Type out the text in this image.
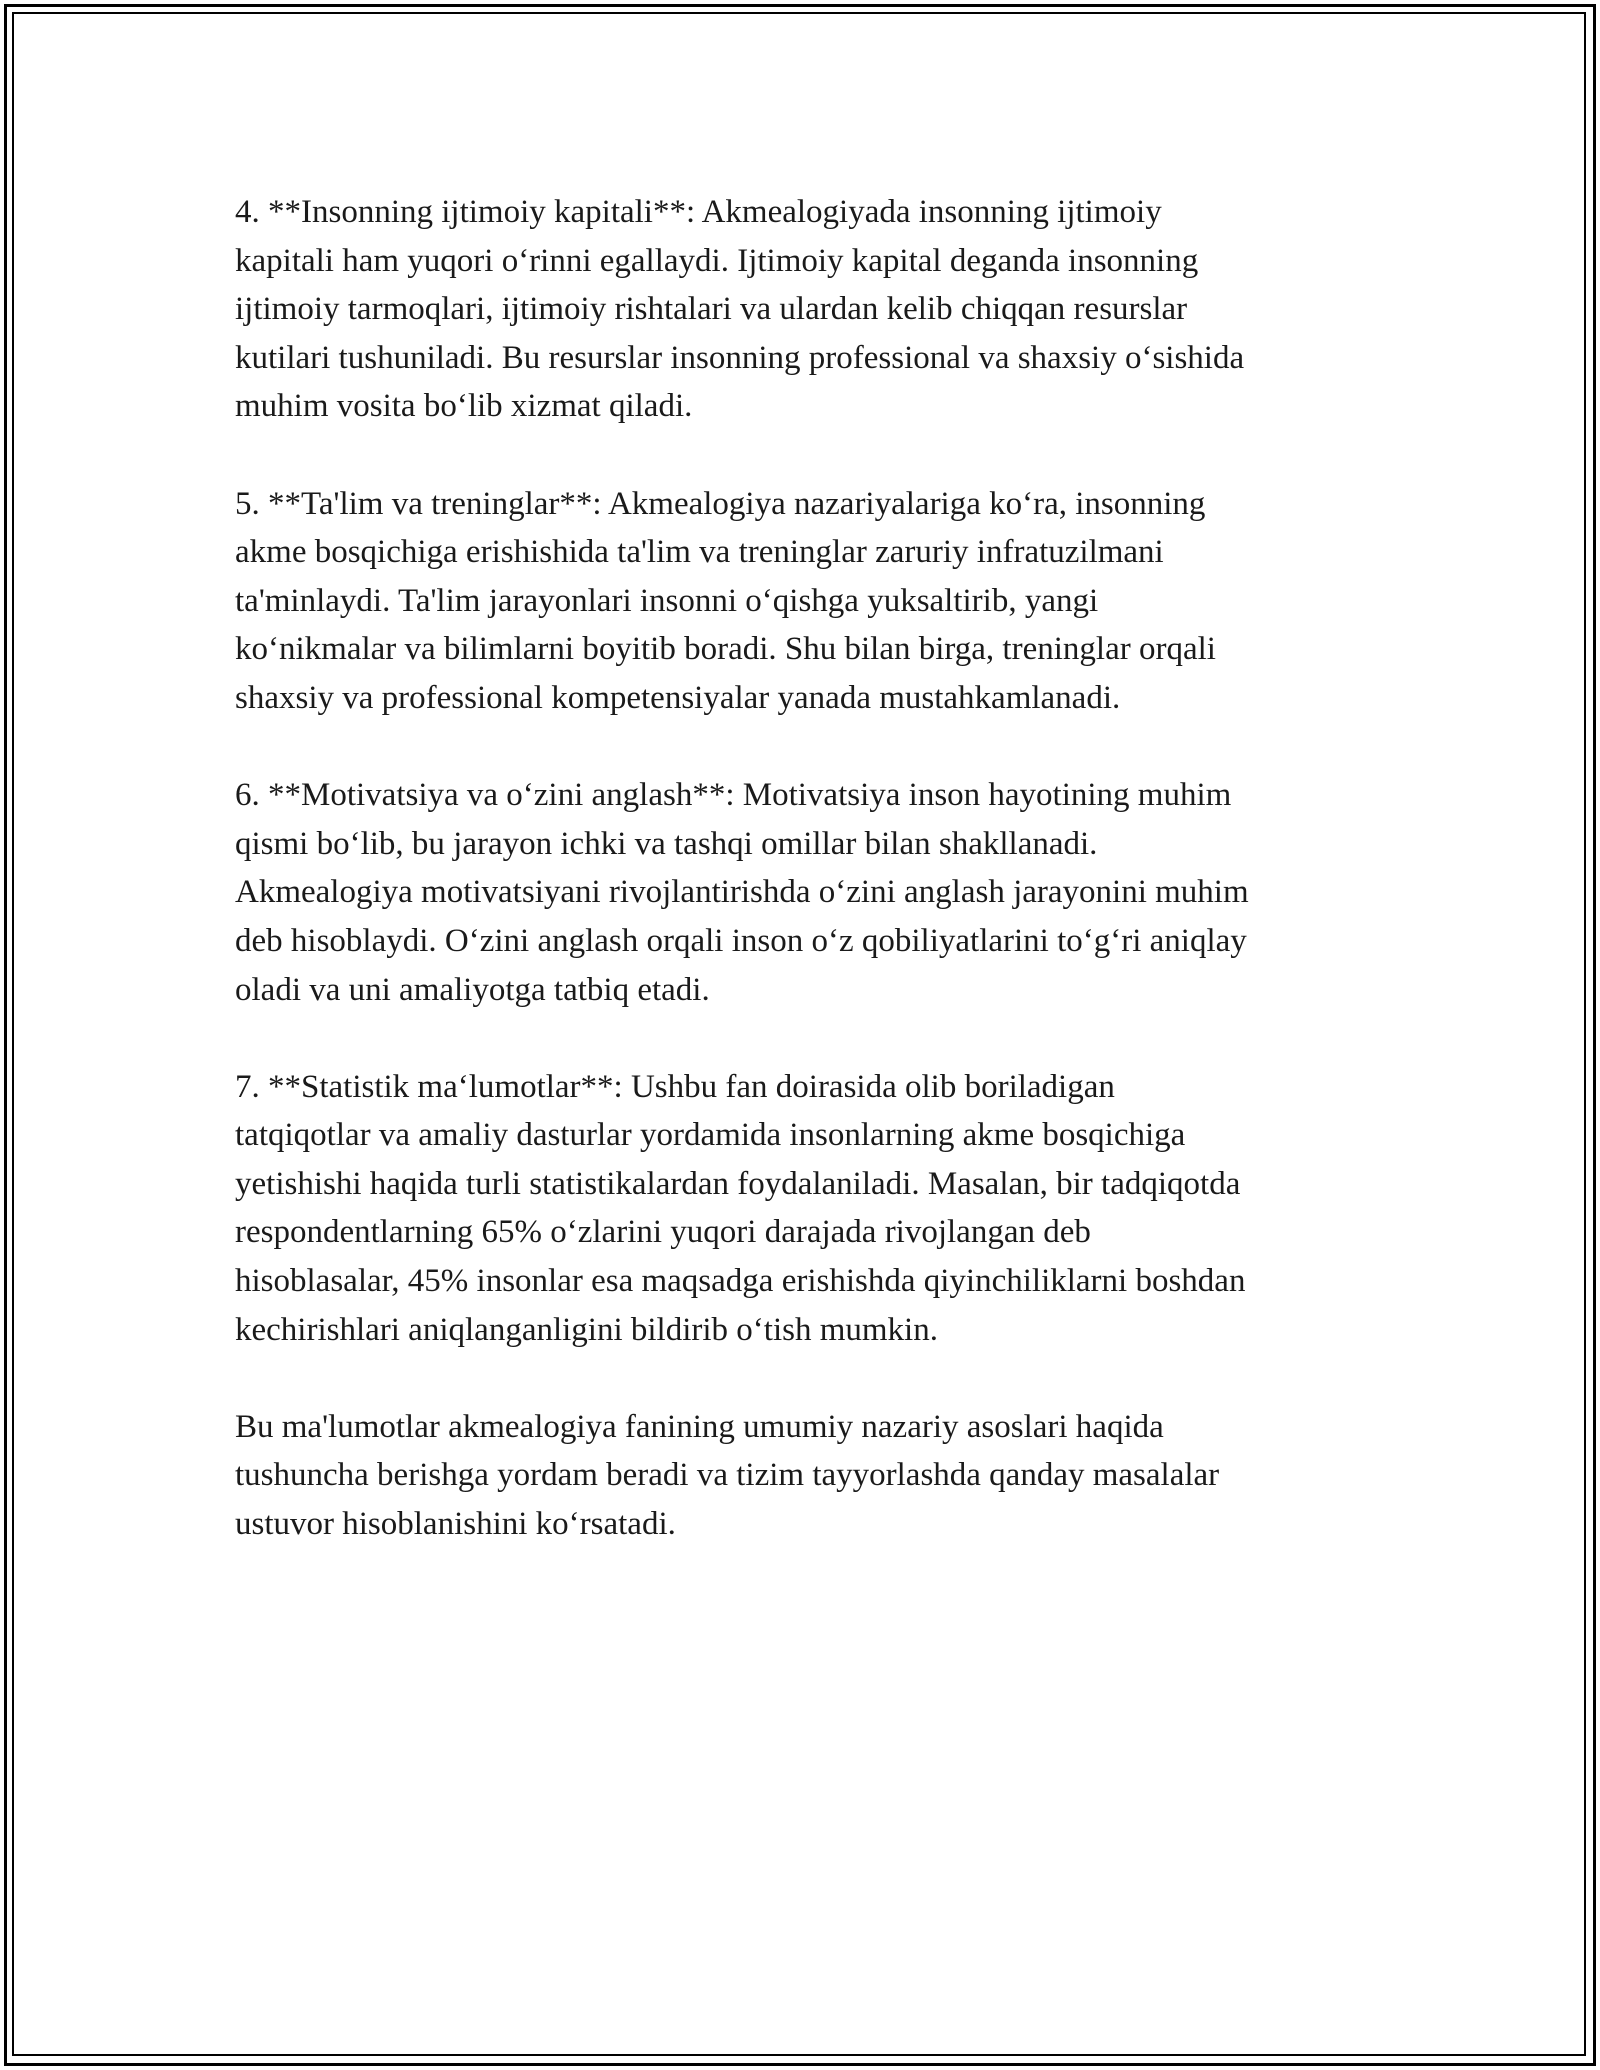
4. **Insonning ijtimoiy kapitali**: Akmealogiyada insonning ijtimoiy
kapitali ham yuqori oʻrinni egallaydi. Ijtimoiy kapital deganda insonning
ijtimoiy tarmoqlari, ijtimoiy rishtalari va ulardan kelib chiqqan resurslar
kutilari tushuniladi. Bu resurslar insonning professional va shaxsiy oʻsishida
muhim vosita boʻlib xizmat qiladi.

5. **Ta'lim va treninglar**: Akmealogiya nazariyalariga koʻra, insonning
akme bosqichiga erishishida ta'lim va treninglar zaruriy infratuzilmani
ta'minlaydi. Ta'lim jarayonlari insonni oʻqishga yuksaltirib, yangi
koʻnikmalar va bilimlarni boyitib boradi. Shu bilan birga, treninglar orqali
shaxsiy va professional kompetensiyalar yanada mustahkamlanadi.

6. **Motivatsiya va oʻzini anglash**: Motivatsiya inson hayotining muhim
qismi boʻlib, bu jarayon ichki va tashqi omillar bilan shakllanadi.
Akmealogiya motivatsiyani rivojlantirishda oʻzini anglash jarayonini muhim
deb hisoblaydi. Oʻzini anglash orqali inson oʻz qobiliyatlarini toʻgʻri aniqlay
oladi va uni amaliyotga tatbiq etadi.

7. **Statistik maʻlumotlar**: Ushbu fan doirasida olib boriladigan
tatqiqotlar va amaliy dasturlar yordamida insonlarning akme bosqichiga
yetishishi haqida turli statistikalardan foydalaniladi. Masalan, bir tadqiqotda
respondentlarning 65% oʻzlarini yuqori darajada rivojlangan deb
hisoblasalar, 45% insonlar esa maqsadga erishishda qiyinchiliklarni boshdan
kechirishlari aniqlanganligini bildirib oʻtish mumkin.

Bu ma'lumotlar akmealogiya fanining umumiy nazariy asoslari haqida
tushuncha berishga yordam beradi va tizim tayyorlashda qanday masalalar
ustuvor hisoblanishini koʻrsatadi.
